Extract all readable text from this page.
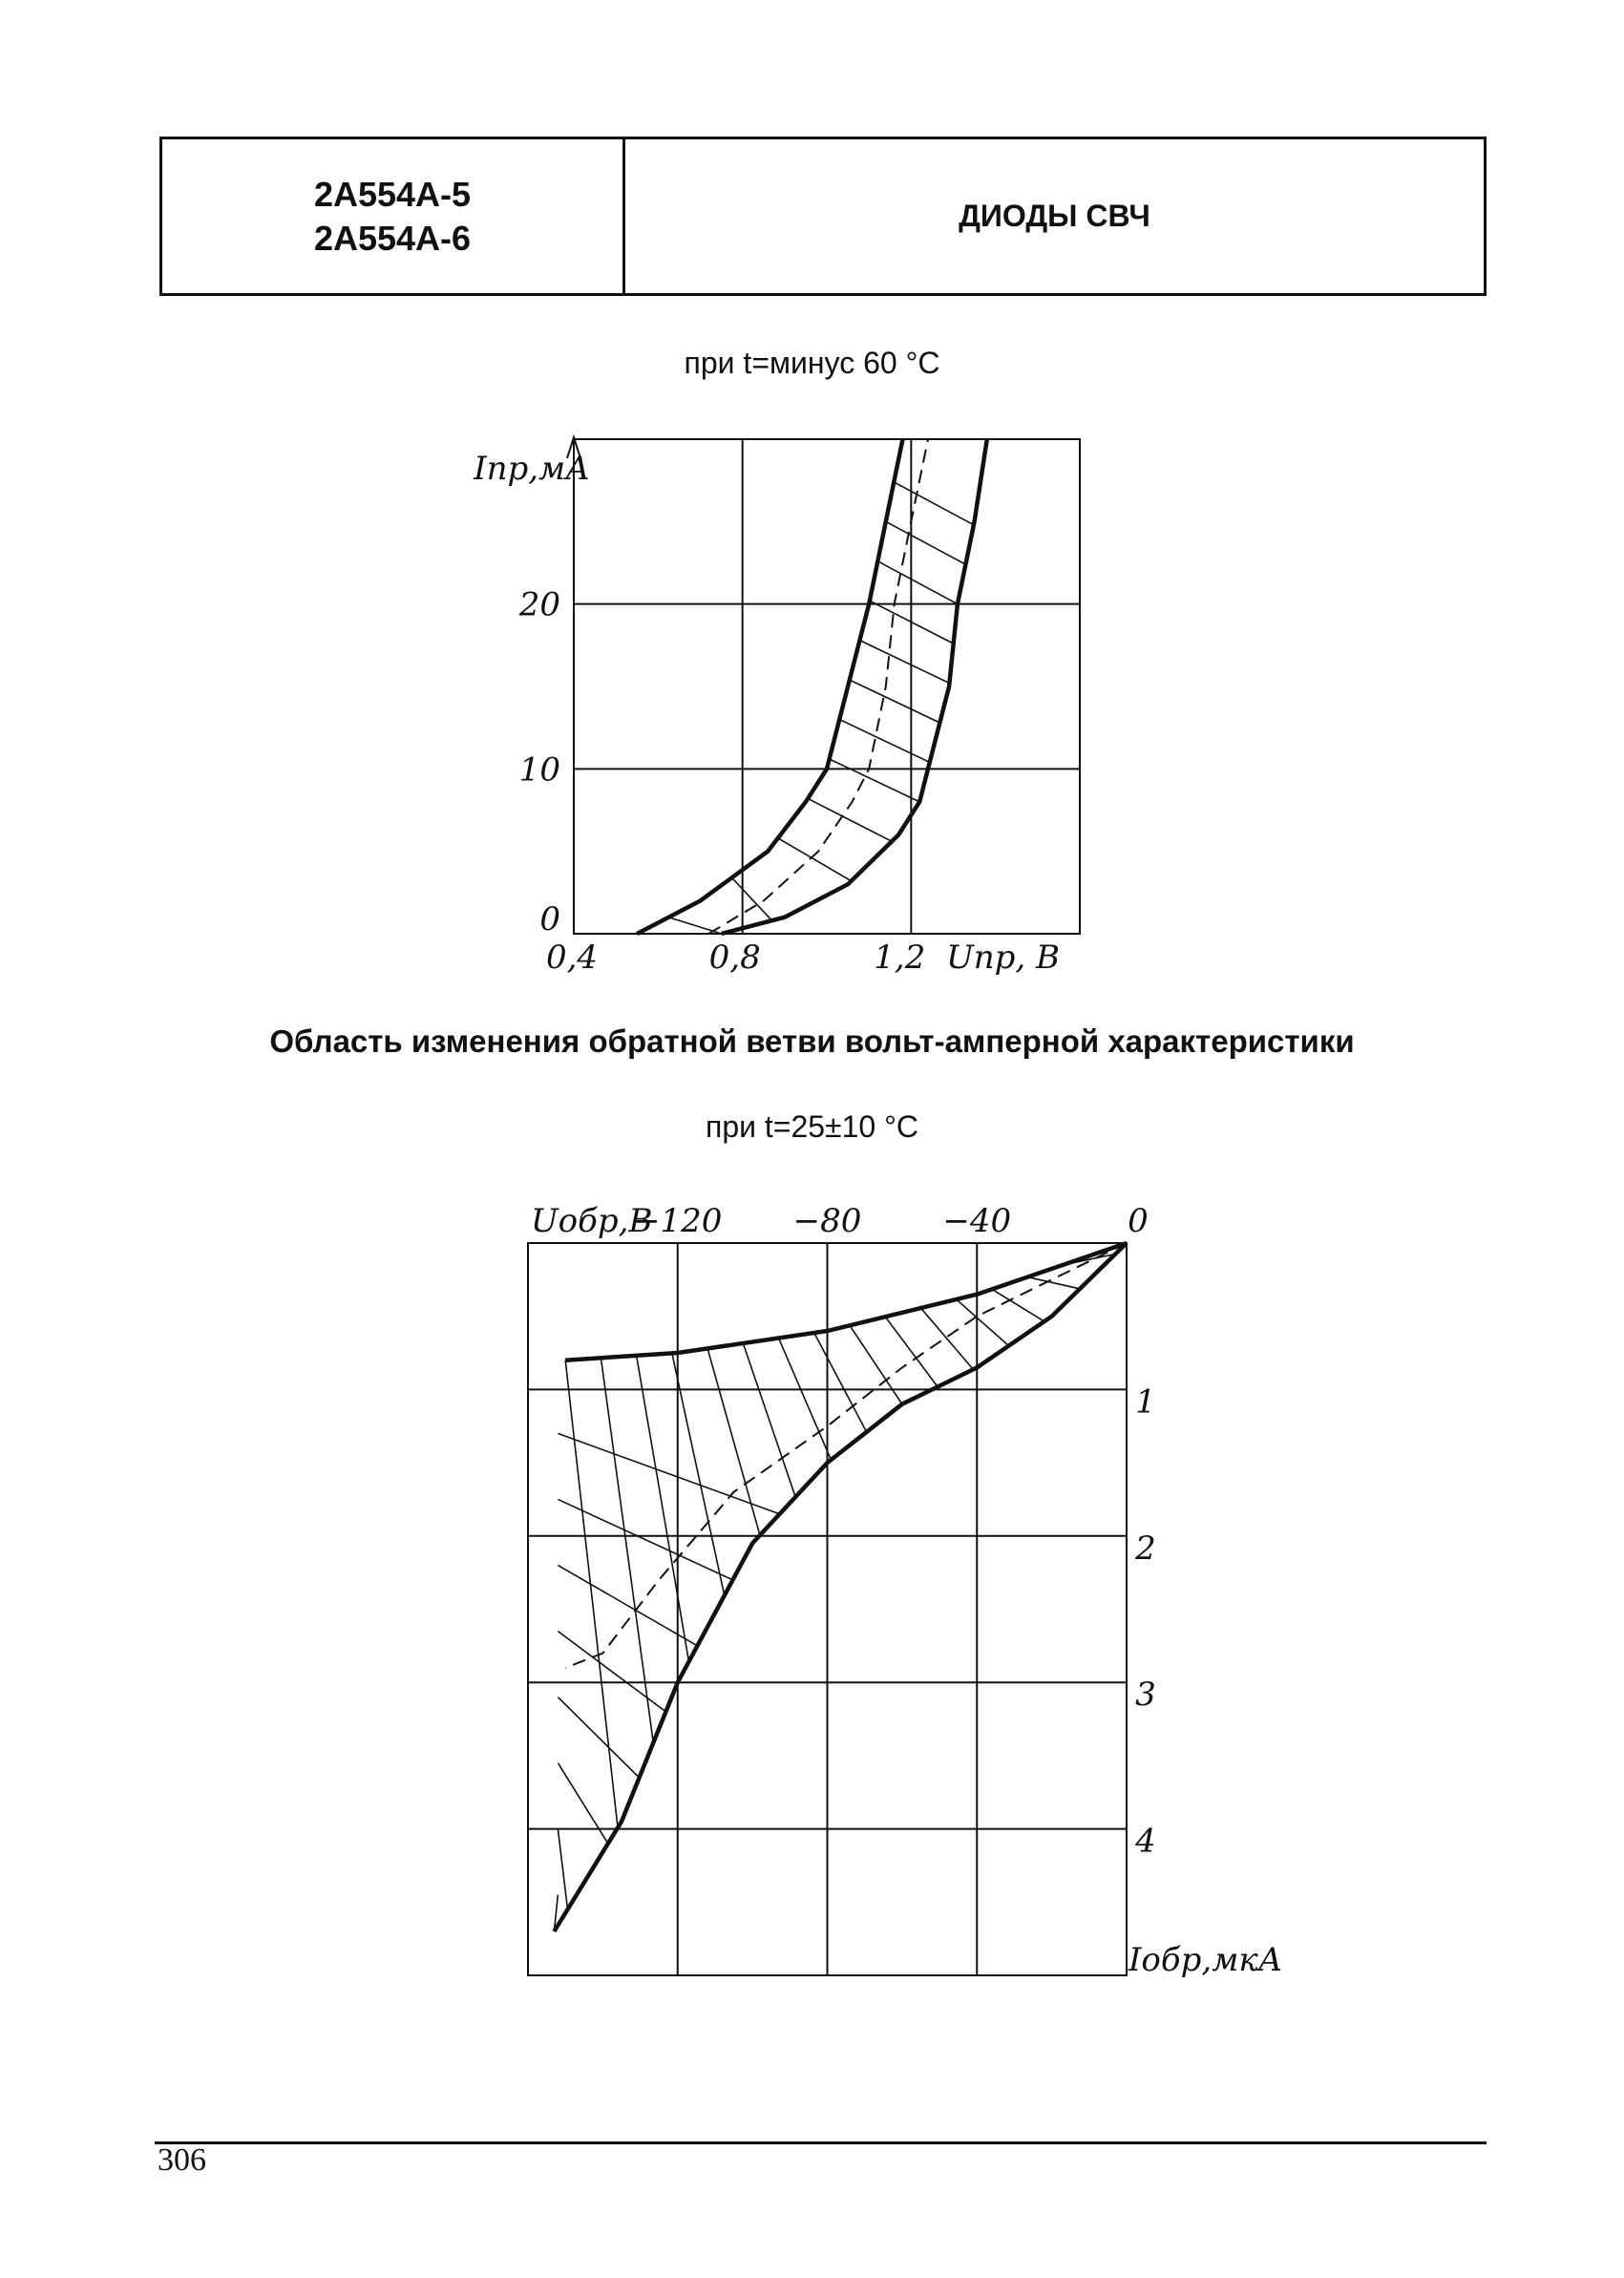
2А554А-5
2А554А-6
ДИОДЫ СВЧ
при t=минус 60 °C
Область изменения обратной ветви вольт-амперной характеристики
при t=25±10 °C
0,4	0,8	1,2
0
10
20
Uпр, В
Iпр,мА
−120 −80 −40	0
Uобр,В
1
2
3
4
Iобр,мкА
306
